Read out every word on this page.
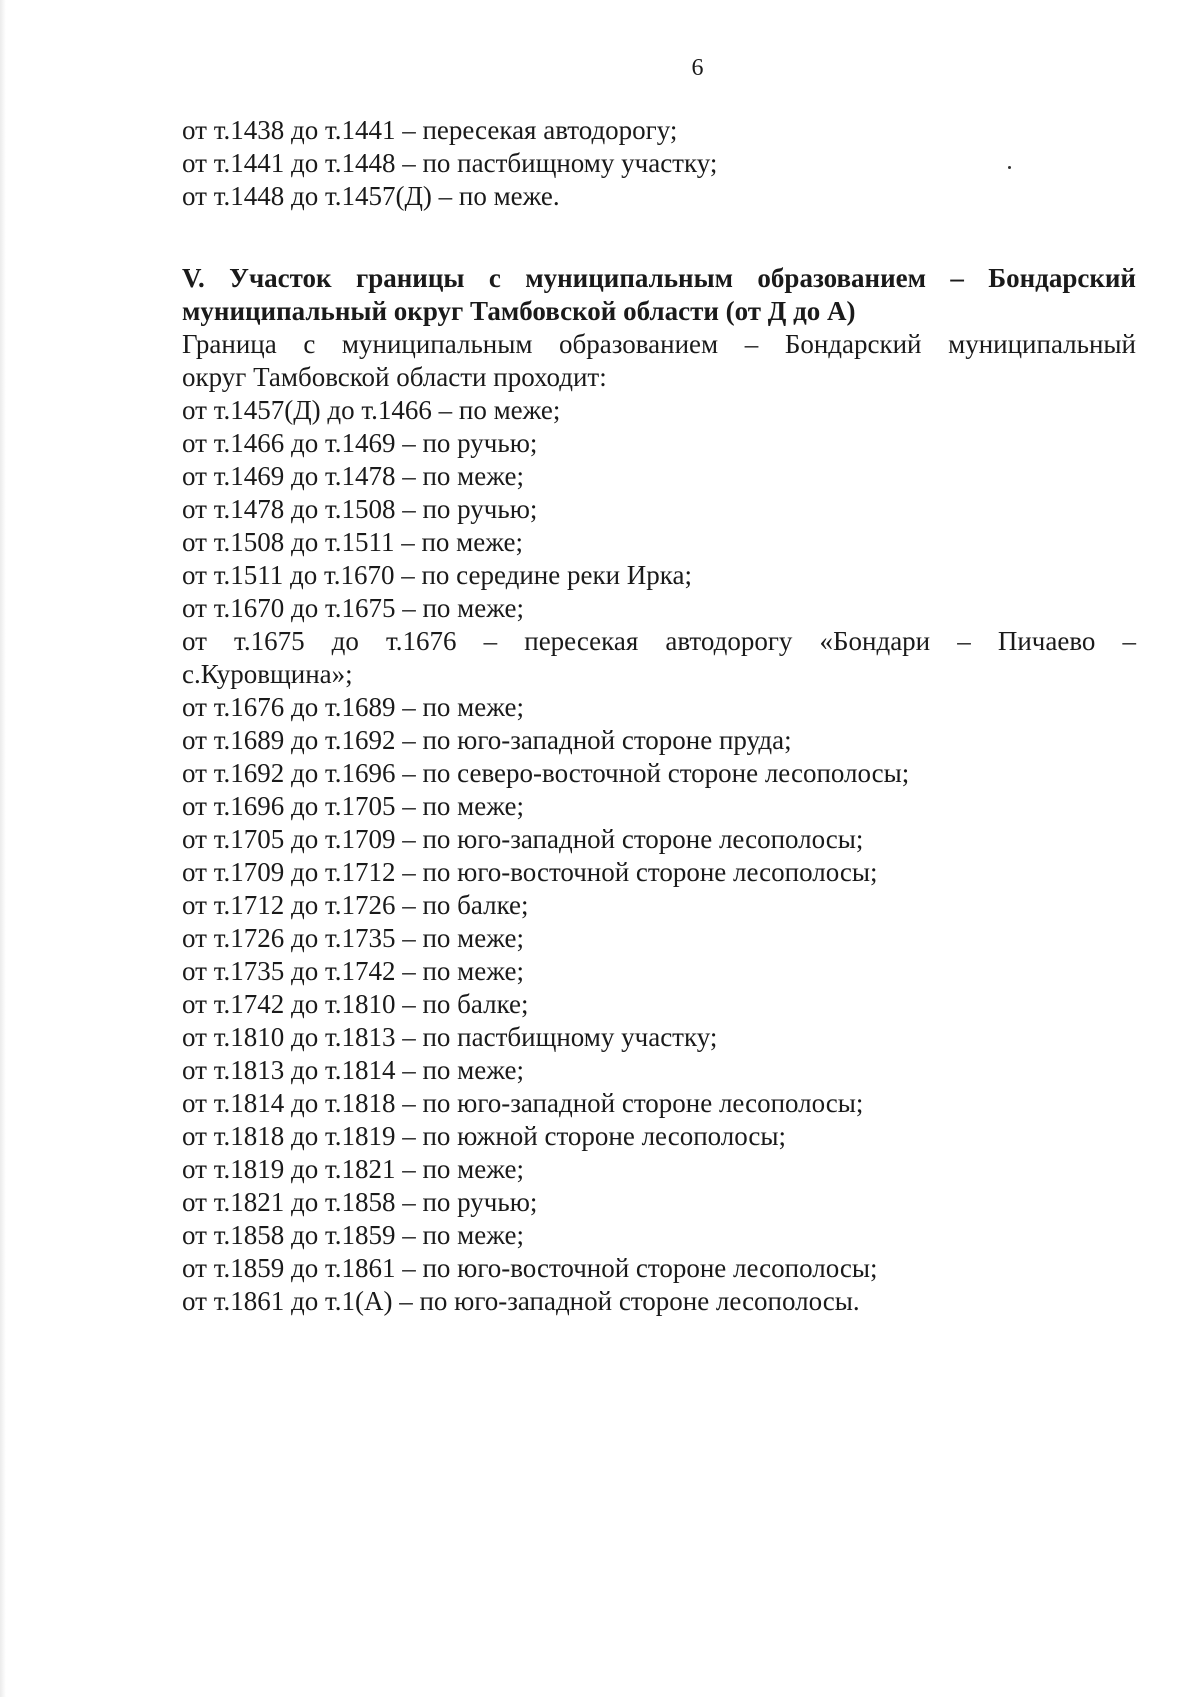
6
от т.1438 до т.1441 – пересекая автодорогу;
от т.1441 до т.1448 – по пастбищному участку;
от т.1448 до т.1457(Д) – по меже.
V. Участок границы с муниципальным образованием – Бондарский
муниципальный округ Тамбовской области (от Д до А)
Граница с муниципальным образованием – Бондарский муниципальный
округ Тамбовской области проходит:
от т.1457(Д) до т.1466 – по меже;
от т.1466 до т.1469 – по ручью;
от т.1469 до т.1478 – по меже;
от т.1478 до т.1508 – по ручью;
от т.1508 до т.1511 – по меже;
от т.1511 до т.1670 – по середине реки Ирка;
от т.1670 до т.1675 – по меже;
от т.1675 до т.1676 – пересекая автодорогу «Бондари – Пичаево –
с.Куровщина»;
от т.1676 до т.1689 – по меже;
от т.1689 до т.1692 – по юго-западной стороне пруда;
от т.1692 до т.1696 – по северо-восточной стороне лесополосы;
от т.1696 до т.1705 – по меже;
от т.1705 до т.1709 – по юго-западной стороне лесополосы;
от т.1709 до т.1712 – по юго-восточной стороне лесополосы;
от т.1712 до т.1726 – по балке;
от т.1726 до т.1735 – по меже;
от т.1735 до т.1742 – по меже;
от т.1742 до т.1810 – по балке;
от т.1810 до т.1813 – по пастбищному участку;
от т.1813 до т.1814 – по меже;
от т.1814 до т.1818 – по юго-западной стороне лесополосы;
от т.1818 до т.1819 – по южной стороне лесополосы;
от т.1819 до т.1821 – по меже;
от т.1821 до т.1858 – по ручью;
от т.1858 до т.1859 – по меже;
от т.1859 до т.1861 – по юго-восточной стороне лесополосы;
от т.1861 до т.1(А) – по юго-западной стороне лесополосы.
